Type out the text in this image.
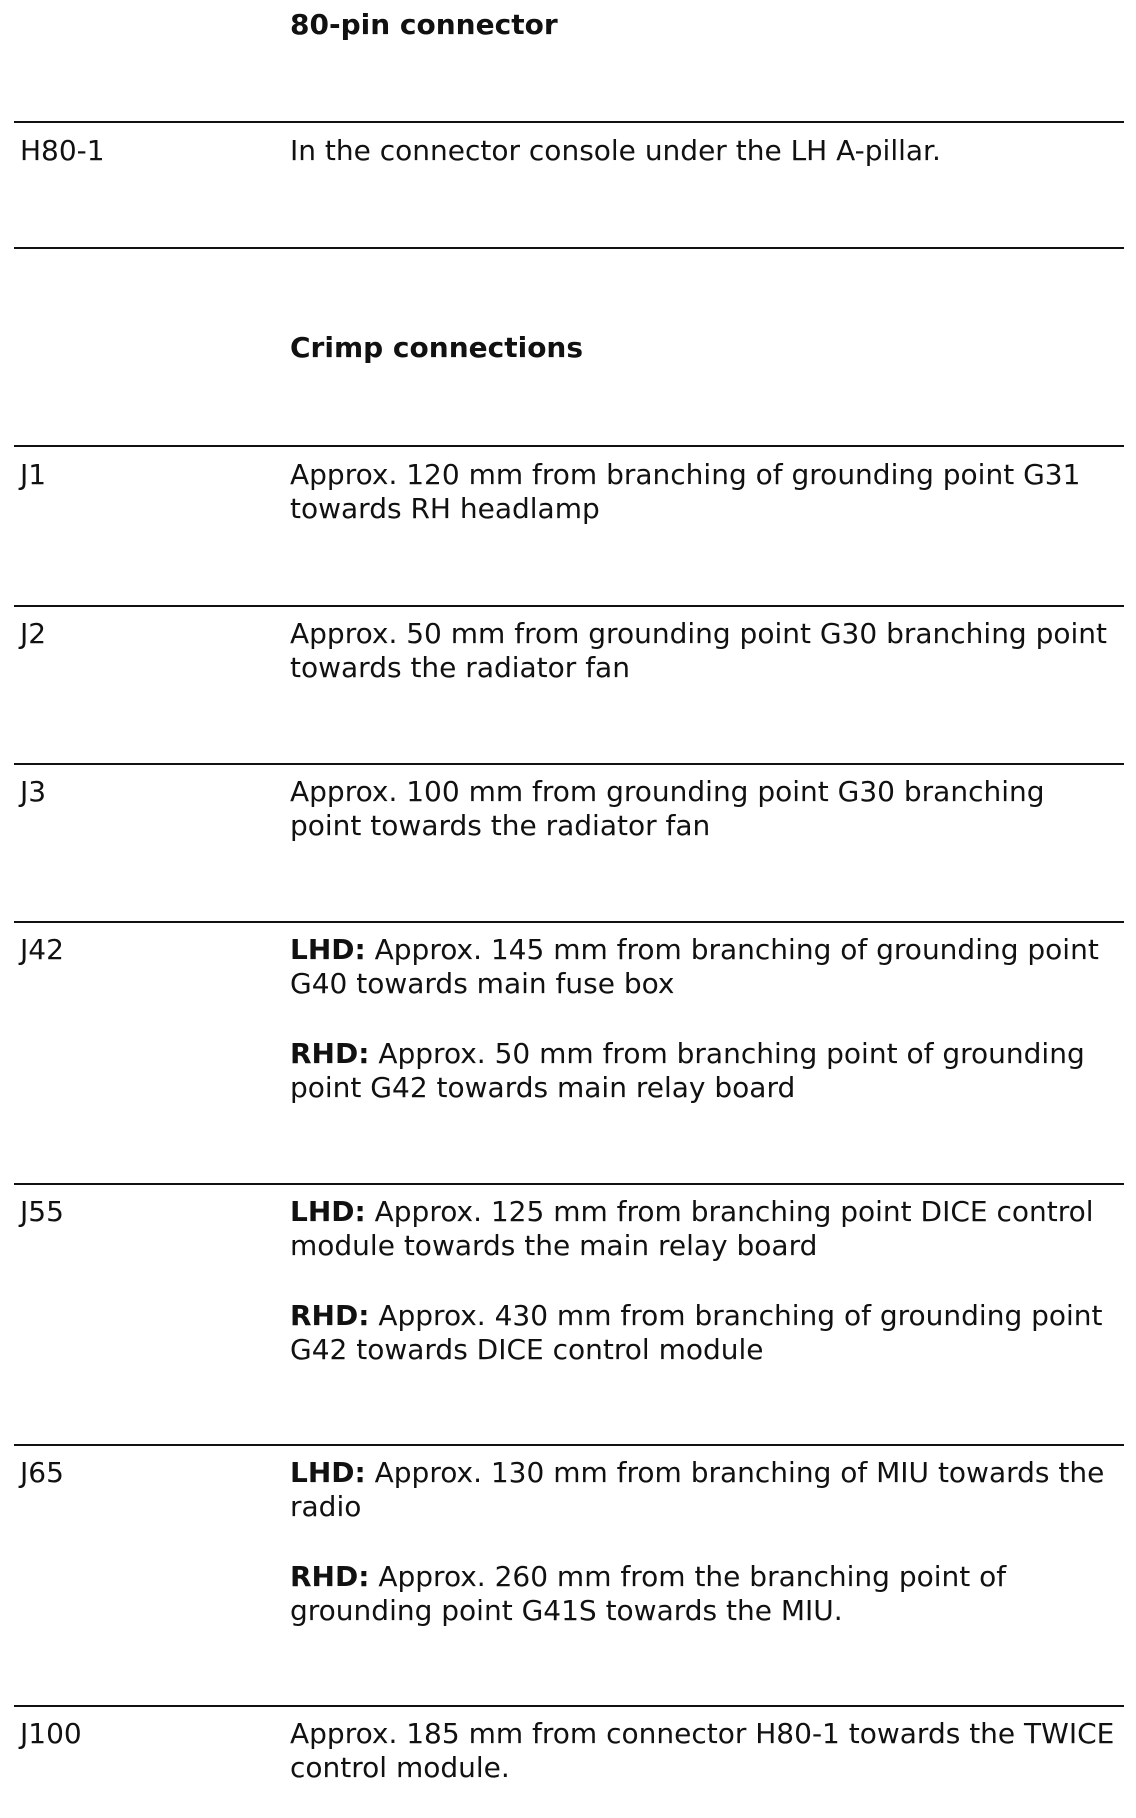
80-pin connector
H80-1	In the connector console under the LH A-pillar.

Crimp connections
J1	Approx. 120 mm from branching of grounding point G31 towards RH headlamp

J2	Approx. 50 mm from grounding point G30 branching point towards the radiator fan

J3	Approx. 100 mm from grounding point G30 branching point towards the radiator fan

J42	LHD: Approx. 145 mm from branching of grounding point G40 towards main fuse box

RHD: Approx. 50 mm from branching point of grounding point G42 towards main relay board

J55	LHD: Approx. 125 mm from branching point DICE control module towards the main relay board

RHD: Approx. 430 mm from branching of grounding point G42 towards DICE control module

J65	LHD: Approx. 130 mm from branching of MIU towards the radio

RHD: Approx. 260 mm from the branching point of grounding point G41S towards the MIU.

J100	Approx. 185 mm from connector H80-1 towards the TWICE control module.
